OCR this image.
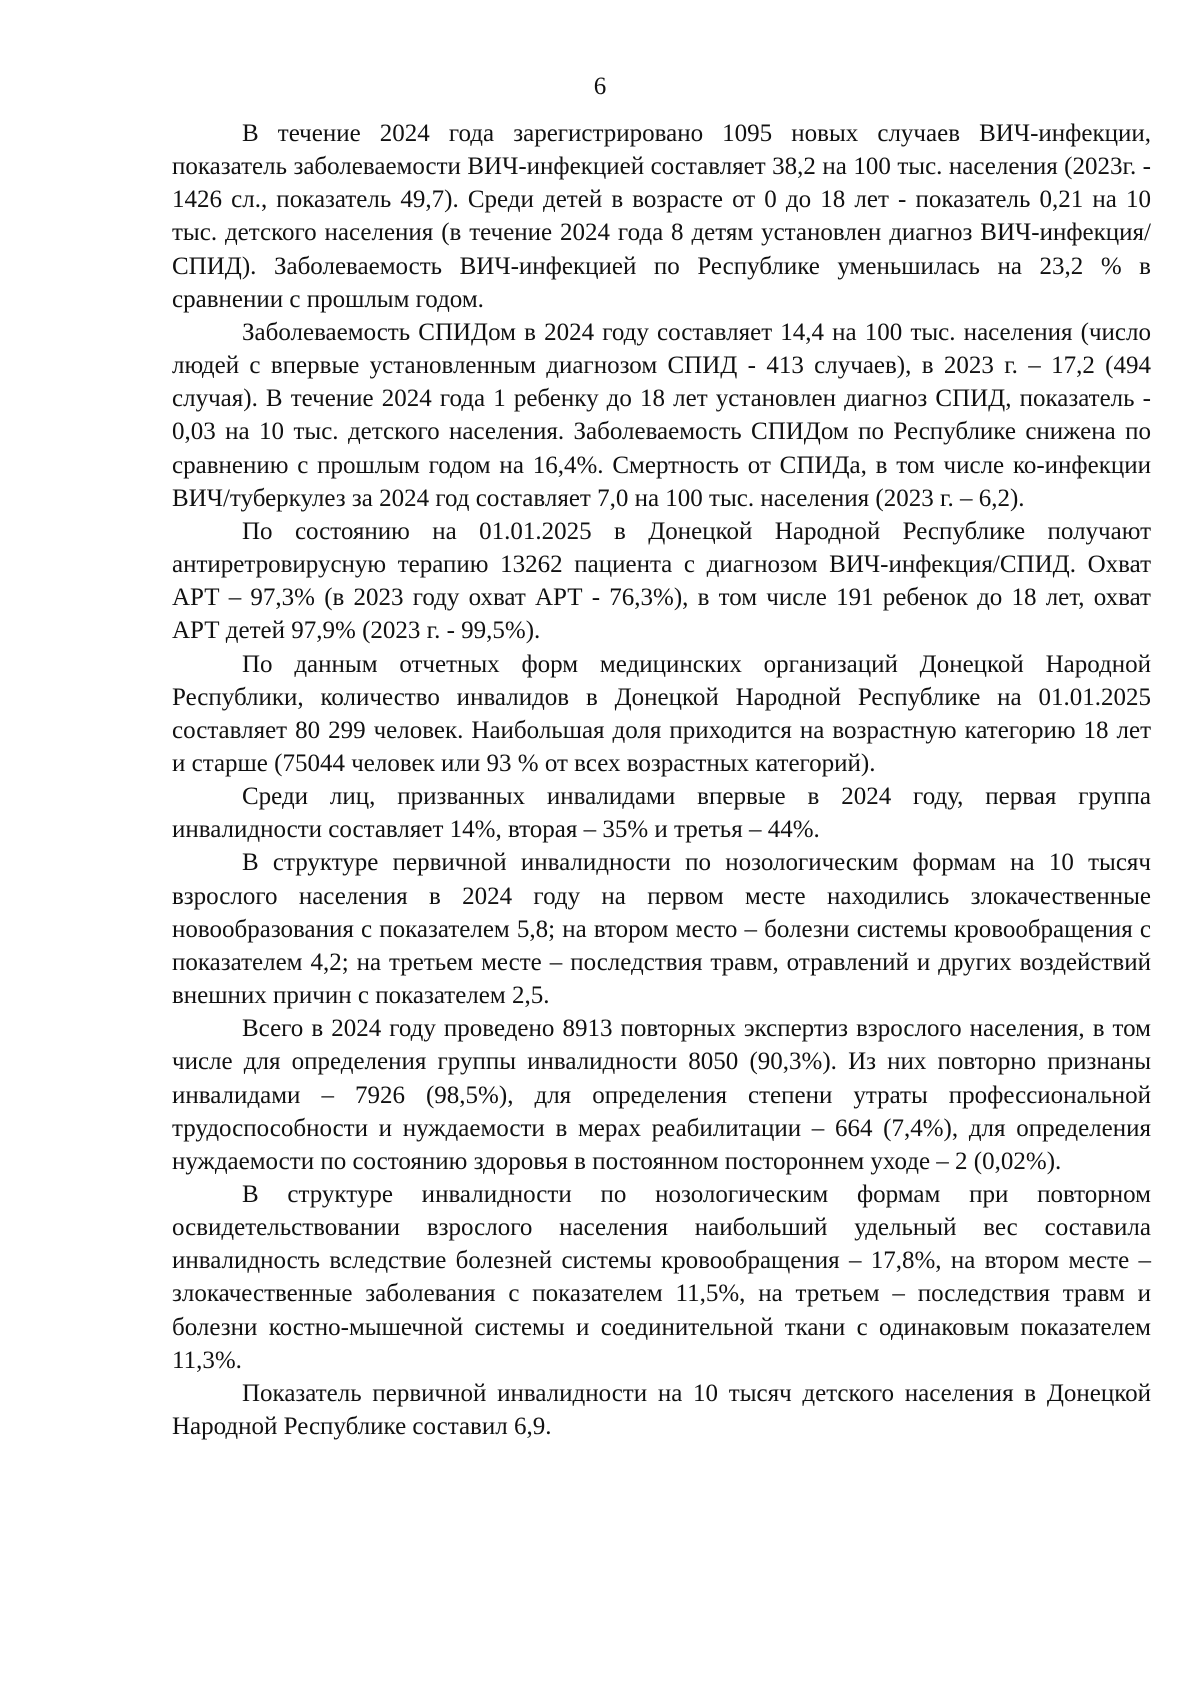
6

В течение 2024 года зарегистрировано 1095 новых случаев ВИЧ-инфекции, показатель заболеваемости ВИЧ-инфекцией составляет 38,2 на 100 тыс. населения (2023г. - 1426 сл., показатель 49,7). Среди детей в возрасте от 0 до 18 лет - показатель 0,21 на 10 тыс. детского населения (в течение 2024 года 8 детям установлен диагноз ВИЧ-инфекция/СПИД). Заболеваемость ВИЧ-инфекцией по Республике уменьшилась на 23,2 % в сравнении с прошлым годом.

Заболеваемость СПИДом в 2024 году составляет 14,4 на 100 тыс. населения (число людей с впервые установленным диагнозом СПИД - 413 случаев), в 2023 г. – 17,2 (494 случая). В течение 2024 года 1 ребенку до 18 лет установлен диагноз СПИД, показатель - 0,03 на 10 тыс. детского населения. Заболеваемость СПИДом по Республике снижена по сравнению с прошлым годом на 16,4%. Смертность от СПИДа, в том числе ко-инфекции ВИЧ/туберкулез за 2024 год составляет 7,0 на 100 тыс. населения (2023 г. – 6,2).

По состоянию на 01.01.2025 в Донецкой Народной Республике получают антиретровирусную терапию 13262 пациента с диагнозом ВИЧ-инфекция/СПИД. Охват АРТ – 97,3% (в 2023 году охват АРТ - 76,3%), в том числе 191 ребенок до 18 лет, охват АРТ детей 97,9% (2023 г. - 99,5%).

По данным отчетных форм медицинских организаций Донецкой Народной Республики, количество инвалидов в Донецкой Народной Республике на 01.01.2025 составляет 80 299 человек. Наибольшая доля приходится на возрастную категорию 18 лет и старше (75044 человек или 93 % от всех возрастных категорий).

Среди лиц, призванных инвалидами впервые в 2024 году, первая группа инвалидности составляет 14%, вторая – 35% и третья – 44%.

В структуре первичной инвалидности по нозологическим формам на 10 тысяч взрослого населения в 2024 году на первом месте находились злокачественные новообразования с показателем 5,8; на втором место – болезни системы кровообращения с показателем 4,2; на третьем месте – последствия травм, отравлений и других воздействий внешних причин с показателем 2,5.

Всего в 2024 году проведено 8913 повторных экспертиз взрослого населения, в том числе для определения группы инвалидности 8050 (90,3%). Из них повторно признаны инвалидами – 7926 (98,5%), для определения степени утраты профессиональной трудоспособности и нуждаемости в мерах реабилитации – 664 (7,4%), для определения нуждаемости по состоянию здоровья в постоянном постороннем уходе – 2 (0,02%).

В структуре инвалидности по нозологическим формам при повторном освидетельствовании взрослого населения наибольший удельный вес составила инвалидность вследствие болезней системы кровообращения – 17,8%, на втором месте – злокачественные заболевания с показателем 11,5%, на третьем – последствия травм и болезни костно-мышечной системы и соединительной ткани с одинаковым показателем 11,3%.

Показатель первичной инвалидности на 10 тысяч детского населения в Донецкой Народной Республике составил 6,9.
